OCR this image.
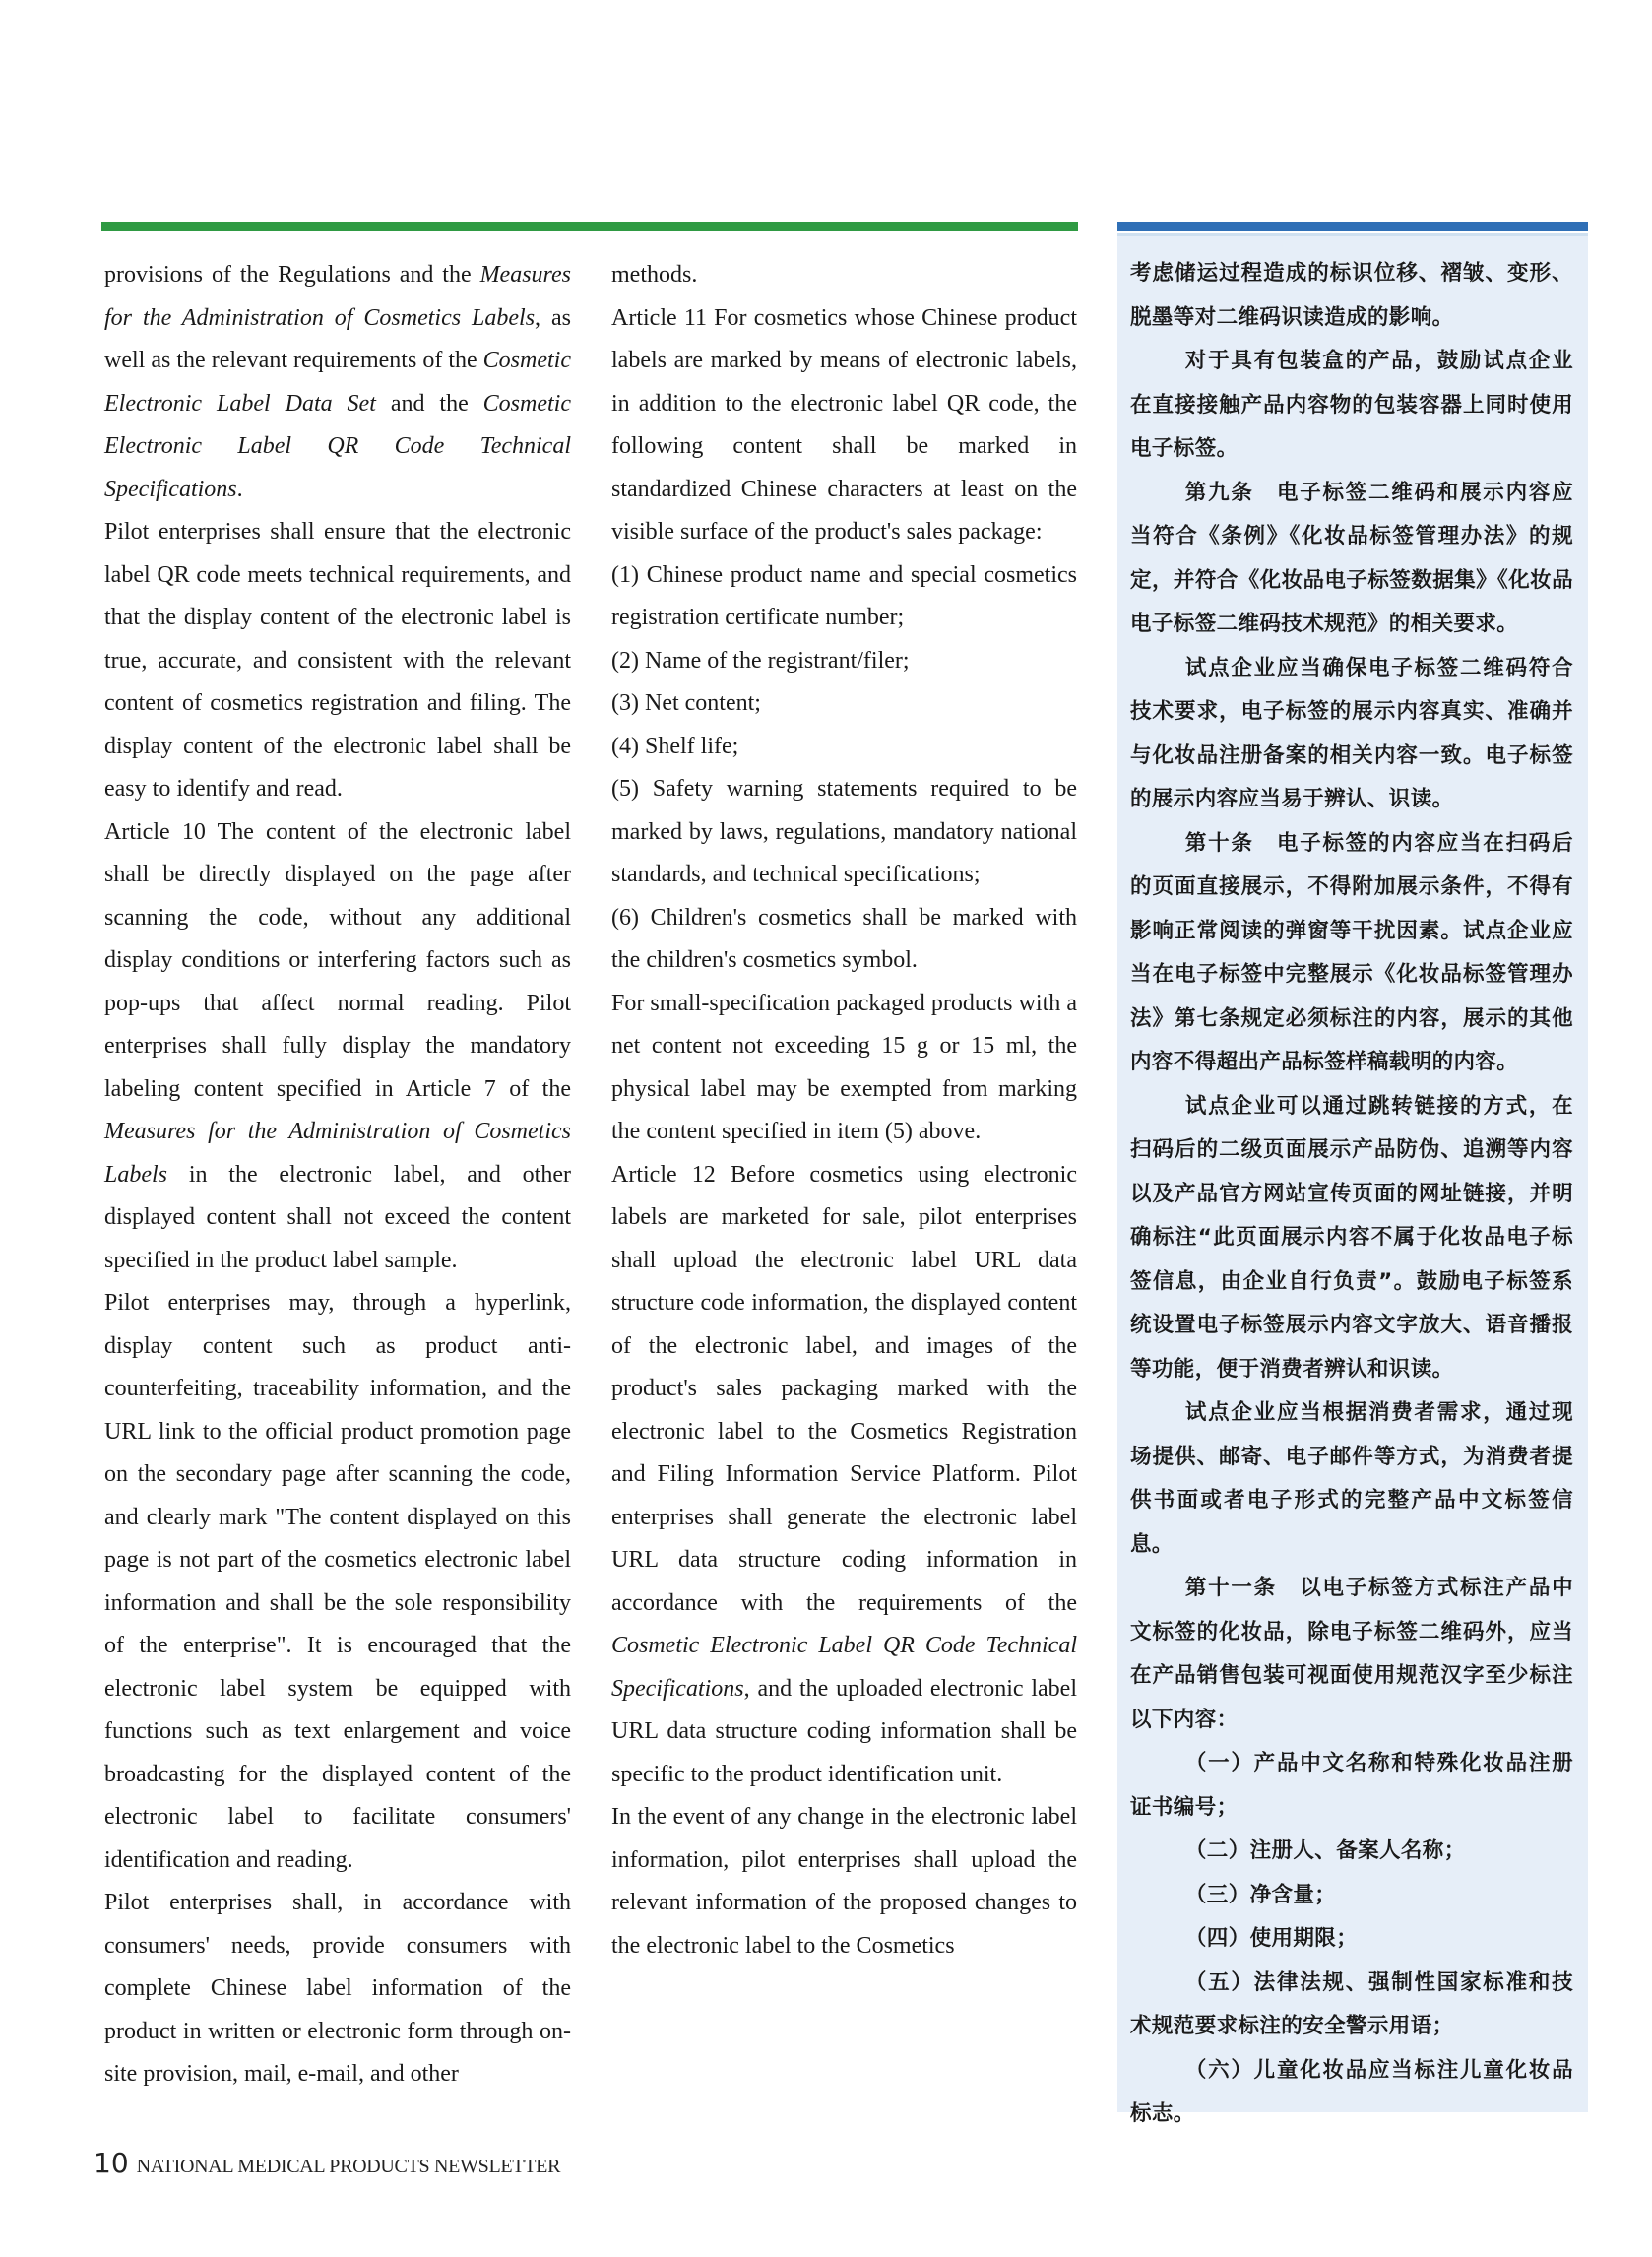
provisions of the Regulations and the Measures for the Administration of Cosmetics Labels, as well as the relevant requirements of the Cosmetic Electronic Label Data Set and the Cosmetic Electronic Label QR Code Technical Specifications.

Pilot enterprises shall ensure that the electronic label QR code meets technical requirements, and that the display content of the electronic label is true, accurate, and consistent with the relevant content of cosmetics registration and filing. The display content of the electronic label shall be easy to identify and read.

Article 10 The content of the electronic label shall be directly displayed on the page after scanning the code, without any additional display conditions or interfering factors such as pop-ups that affect normal reading. Pilot enterprises shall fully display the mandatory labeling content specified in Article 7 of the Measures for the Administration of Cosmetics Labels in the electronic label, and other displayed content shall not exceed the content specified in the product label sample.

Pilot enterprises may, through a hyperlink, display content such as product anti-counterfeiting, traceability information, and the URL link to the official product promotion page on the secondary page after scanning the code, and clearly mark "The content displayed on this page is not part of the cosmetics electronic label information and shall be the sole responsibility of the enterprise". It is encouraged that the electronic label system be equipped with functions such as text enlargement and voice broadcasting for the displayed content of the electronic label to facilitate consumers' identification and reading.

Pilot enterprises shall, in accordance with consumers' needs, provide consumers with complete Chinese label information of the product in written or electronic form through on-site provision, mail, e-mail, and other

methods.

Article 11 For cosmetics whose Chinese product labels are marked by means of electronic labels, in addition to the electronic label QR code, the following content shall be marked in standardized Chinese characters at least on the visible surface of the product's sales package:

(1) Chinese product name and special cosmetics registration certificate number;

(2) Name of the registrant/filer;

(3) Net content;

(4) Shelf life;

(5) Safety warning statements required to be marked by laws, regulations, mandatory national standards, and technical specifications;

(6) Children's cosmetics shall be marked with the children's cosmetics symbol.

For small-specification packaged products with a net content not exceeding 15 g or 15 ml, the physical label may be exempted from marking the content specified in item (5) above.

Article 12 Before cosmetics using electronic labels are marketed for sale, pilot enterprises shall upload the electronic label URL data structure code information, the displayed content of the electronic label, and images of the product's sales packaging marked with the electronic label to the Cosmetics Registration and Filing Information Service Platform. Pilot enterprises shall generate the electronic label URL data structure coding information in accordance with the requirements of the Cosmetic Electronic Label QR Code Technical Specifications, and the uploaded electronic label URL data structure coding information shall be specific to the product identification unit.

In the event of any change in the electronic label information, pilot enterprises shall upload the relevant information of the proposed changes to the electronic label to the Cosmetics

考虑储运过程造成的标识位移、褶皱、变形、脱墨等对二维码识读造成的影响。

对于具有包装盒的产品，鼓励试点企业在直接接触产品内容物的包装容器上同时使用电子标签。

第九条　电子标签二维码和展示内容应当符合《条例》《化妆品标签管理办法》的规定，并符合《化妆品电子标签数据集》《化妆品电子标签二维码技术规范》的相关要求。

试点企业应当确保电子标签二维码符合技术要求，电子标签的展示内容真实、准确并与化妆品注册备案的相关内容一致。电子标签的展示内容应当易于辨认、识读。

第十条　电子标签的内容应当在扫码后的页面直接展示，不得附加展示条件，不得有影响正常阅读的弹窗等干扰因素。试点企业应当在电子标签中完整展示《化妆品标签管理办法》第七条规定必须标注的内容，展示的其他内容不得超出产品标签样稿载明的内容。

试点企业可以通过跳转链接的方式，在扫码后的二级页面展示产品防伪、追溯等内容以及产品官方网站宣传页面的网址链接，并明确标注“此页面展示内容不属于化妆品电子标签信息，由企业自行负责”。鼓励电子标签系统设置电子标签展示内容文字放大、语音播报等功能，便于消费者辨认和识读。

试点企业应当根据消费者需求，通过现场提供、邮寄、电子邮件等方式，为消费者提供书面或者电子形式的完整产品中文标签信息。

第十一条　以电子标签方式标注产品中文标签的化妆品，除电子标签二维码外，应当在产品销售包装可视面使用规范汉字至少标注以下内容：

（一）产品中文名称和特殊化妆品注册证书编号；

（二）注册人、备案人名称；

（三）净含量；

（四）使用期限；

（五）法律法规、强制性国家标准和技术规范要求标注的安全警示用语；

（六）儿童化妆品应当标注儿童化妆品标志。

10 NATIONAL MEDICAL PRODUCTS NEWSLETTER
